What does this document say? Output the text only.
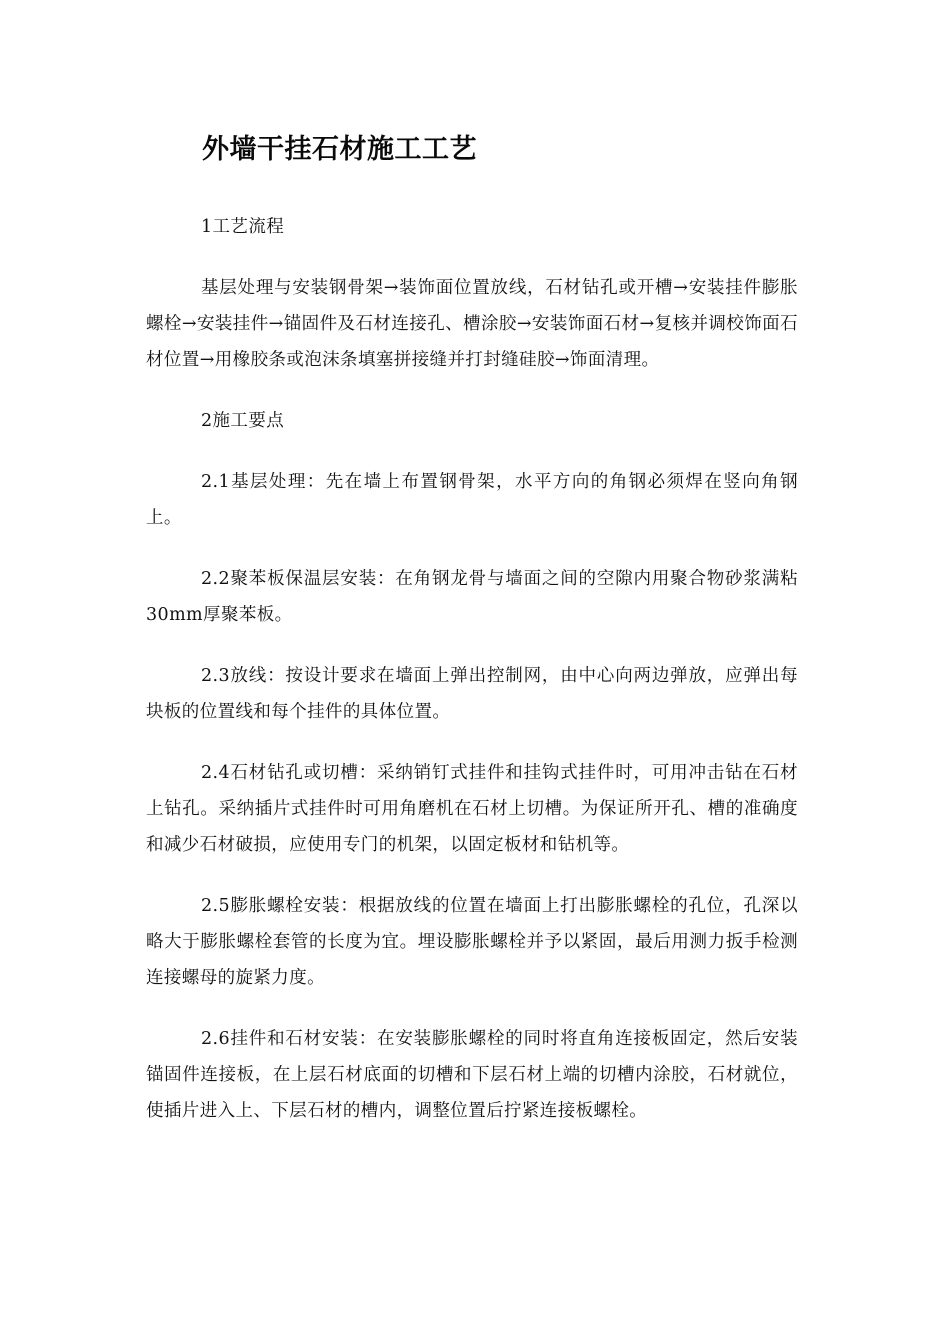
外墙干挂石材施工工艺

1工艺流程

基层处理与安装钢骨架→装饰面位置放线，石材钻孔或开槽→安装挂件膨胀螺栓→安装挂件→锚固件及石材连接孔、槽涂胶→安装饰面石材→复核并调校饰面石材位置→用橡胶条或泡沫条填塞拼接缝并打封缝硅胶→饰面清理。

2施工要点

2.1基层处理：先在墙上布置钢骨架，水平方向的角钢必须焊在竖向角钢上。

2.2聚苯板保温层安装：在角钢龙骨与墙面之间的空隙内用聚合物砂浆满粘30mm厚聚苯板。

2.3放线：按设计要求在墙面上弹出控制网，由中心向两边弹放，应弹出每块板的位置线和每个挂件的具体位置。

2.4石材钻孔或切槽：采纳销钉式挂件和挂钩式挂件时，可用冲击钻在石材上钻孔。采纳插片式挂件时可用角磨机在石材上切槽。为保证所开孔、槽的准确度和减少石材破损，应使用专门的机架，以固定板材和钻机等。

2.5膨胀螺栓安装：根据放线的位置在墙面上打出膨胀螺栓的孔位，孔深以略大于膨胀螺栓套管的长度为宜。埋设膨胀螺栓并予以紧固，最后用测力扳手检测连接螺母的旋紧力度。

2.6挂件和石材安装：在安装膨胀螺栓的同时将直角连接板固定，然后安装锚固件连接板，在上层石材底面的切槽和下层石材上端的切槽内涂胶，石材就位，使插片进入上、下层石材的槽内，调整位置后拧紧连接板螺栓。
